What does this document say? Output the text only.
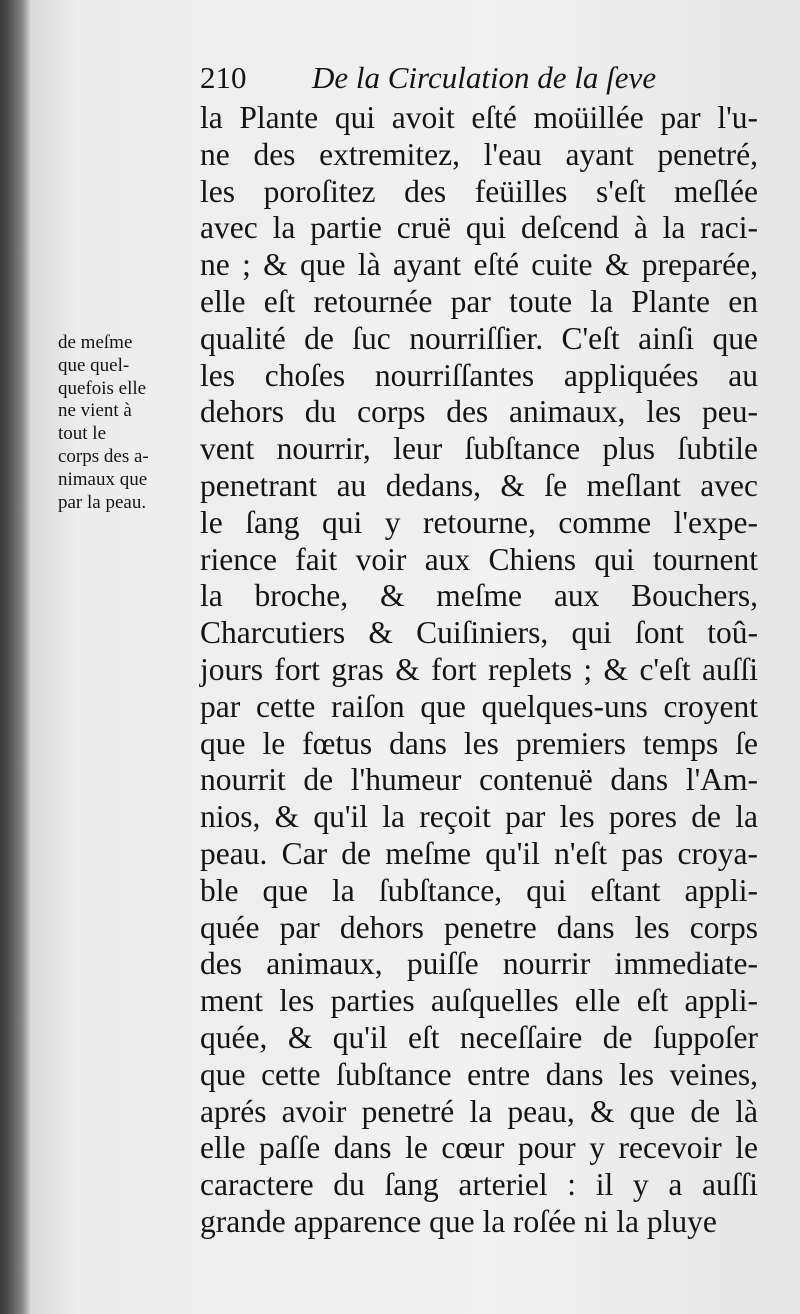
210 De la Circulation de la ſeve
de meſme
que quel-
quefois elle
ne vient à
tout le
corps des a-
nimaux que
par la peau.
la Plante qui avoit eſté moüillée par l'u-
ne des extremitez, l'eau ayant penetré,
les poroſitez des feüilles s'eſt meſlée
avec la partie cruë qui deſcend à la raci-
ne ; & que là ayant eſté cuite & preparée,
elle eſt retournée par toute la Plante en
qualité de ſuc nourriſſier. C'eſt ainſi que
les choſes nourriſſantes appliquées au
dehors du corps des animaux, les peu-
vent nourrir, leur ſubſtance plus ſubtile
penetrant au dedans, & ſe meſlant avec
le ſang qui y retourne, comme l'expe-
rience fait voir aux Chiens qui tournent
la broche, & meſme aux Bouchers,
Charcutiers & Cuiſiniers, qui ſont toû-
jours fort gras & fort replets ; & c'eſt auſſi
par cette raiſon que quelques-uns croyent
que le fœtus dans les premiers temps ſe
nourrit de l'humeur contenuë dans l'Am-
nios, & qu'il la reçoit par les pores de la
peau. Car de meſme qu'il n'eſt pas croya-
ble que la ſubſtance, qui eſtant appli-
quée par dehors penetre dans les corps
des animaux, puiſſe nourrir immediate-
ment les parties auſquelles elle eſt appli-
quée, & qu'il eſt neceſſaire de ſuppoſer
que cette ſubſtance entre dans les veines,
aprés avoir penetré la peau, & que de là
elle paſſe dans le cœur pour y recevoir le
caractere du ſang arteriel : il y a auſſi
grande apparence que la roſée ni la pluye
